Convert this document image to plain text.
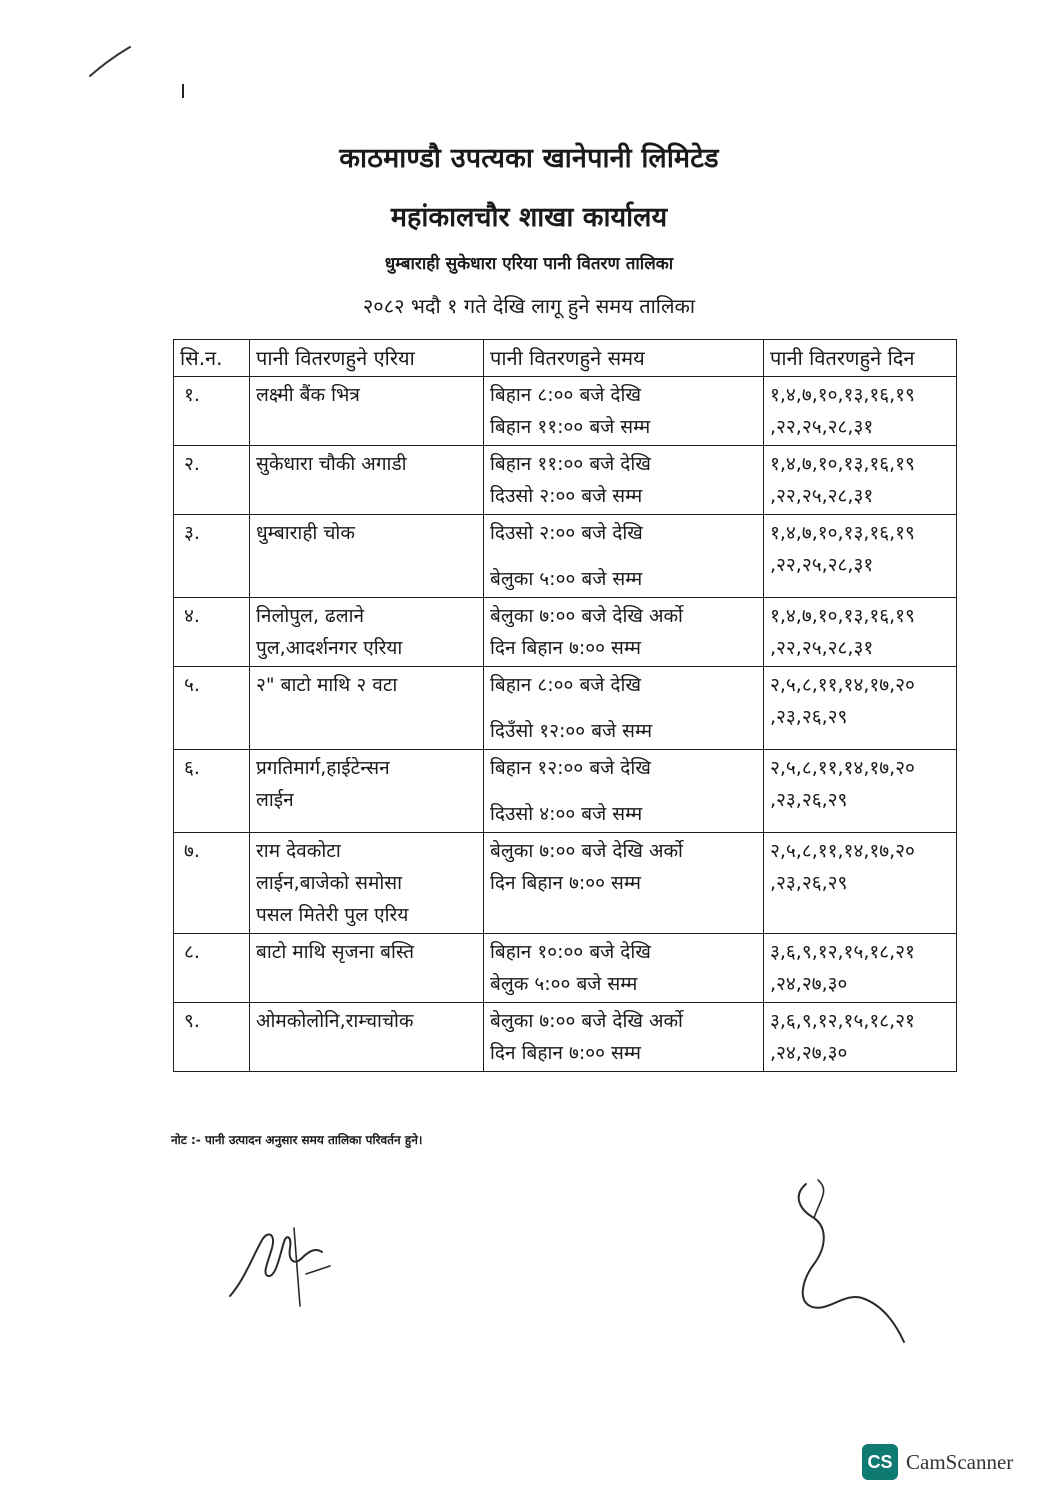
काठमाण्डौ उपत्यका खानेपानी लिमिटेड
महांकालचौर शाखा कार्यालय
धुम्बाराही सुकेधारा एरिया पानी वितरण तालिका
२०८२ भदौ १ गते देखि लागू हुने समय तालिका
सि.न.	पानी वितरणहुने एरिया	पानी वितरणहुने समय	पानी वितरणहुने दिन
१.	लक्ष्मी बैंक भित्र	बिहान ८:०० बजे देखि
बिहान ११:०० बजे सम्म	१,४,७,१०,१३,१६,१९
,२२,२५,२८,३१

२.	सुकेधारा चौकी अगाडी	बिहान ११:०० बजे देखि
दिउसो २:०० बजे सम्म	१,४,७,१०,१३,१६,१९
,२२,२५,२८,३१

३.	धुम्बाराही चोक	दिउसो २:०० बजे देखि
बेलुका ५:०० बजे सम्म	१,४,७,१०,१३,१६,१९
,२२,२५,२८,३१

४.	निलोपुल, ढलाने
पुल,आदर्शनगर एरिया	बेलुका ७:०० बजे देखि अर्को
दिन बिहान ७:०० सम्म	१,४,७,१०,१३,१६,१९
,२२,२५,२८,३१

५.	२" बाटो माथि २ वटा	बिहान ८:०० बजे देखि
दिउँसो १२:०० बजे सम्म	२,५,८,११,१४,१७,२०
,२३,२६,२९

६.	प्रगतिमार्ग,हाईटेन्सन
लाईन	बिहान १२:०० बजे देखि
दिउसो ४:०० बजे सम्म	२,५,८,११,१४,१७,२०
,२३,२६,२९

७.	राम देवकोटा
लाईन,बाजेको समोसा
पसल मितेरी पुल एरिय	बेलुका ७:०० बजे देखि अर्को
दिन बिहान ७:०० सम्म	२,५,८,११,१४,१७,२०
,२३,२६,२९

८.	बाटो माथि सृजना बस्ति	बिहान १०:०० बजे देखि
बेलुक ५:०० बजे सम्म	३,६,९,१२,१५,१८,२१
,२४,२७,३०

९.	ओमकोलोनि,राम्चाचोक	बेलुका ७:०० बजे देखि अर्को
दिन बिहान ७:०० सम्म	३,६,९,१२,१५,१८,२१
,२४,२७,३०
नोट :- पानी उत्पादन अनुसार समय तालिका परिवर्तन हुने।
CS CamScanner
